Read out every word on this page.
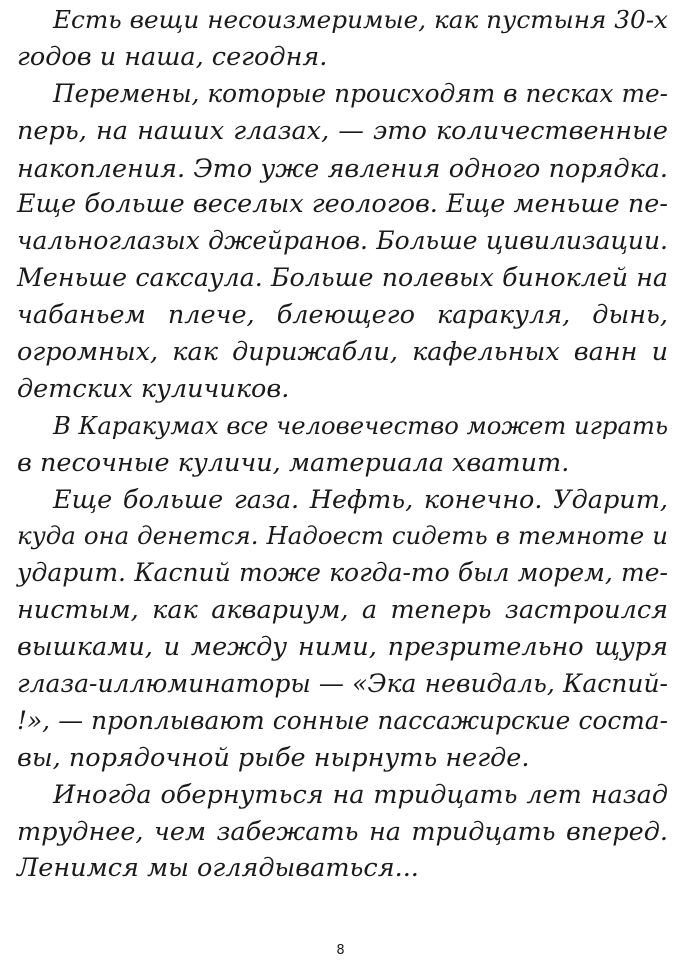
Есть вещи несоизмеримые, как пустыня 30-х
годов и наша, сегодня.
Перемены, которые происходят в песках те-
перь, на наших глазах, — это количественные
накопления. Это уже явления одного порядка.
Еще больше веселых геологов. Еще меньше пе-
чальноглазых джейранов. Больше цивилизации.
Меньше саксаула. Больше полевых биноклей на
чабаньем плече, блеющего каракуля, дынь,
огромных, как дирижабли, кафельных ванн и
детских куличиков.
В Каракумах все человечество может играть
в песочные куличи, материала хватит.
Еще больше газа. Нефть, конечно. Ударит,
куда она денется. Надоест сидеть в темноте и
ударит. Каспий тоже когда-то был морем, те-
нистым, как аквариум, а теперь застроился
вышками, и между ними, презрительно щуря
глаза-иллюминаторы — «Эка невидаль, Каспий-
!», — проплывают сонные пассажирские соста-
вы, порядочной рыбе нырнуть негде.
Иногда обернуться на тридцать лет назад
труднее, чем забежать на тридцать вперед.
Ленимся мы оглядываться...
8
